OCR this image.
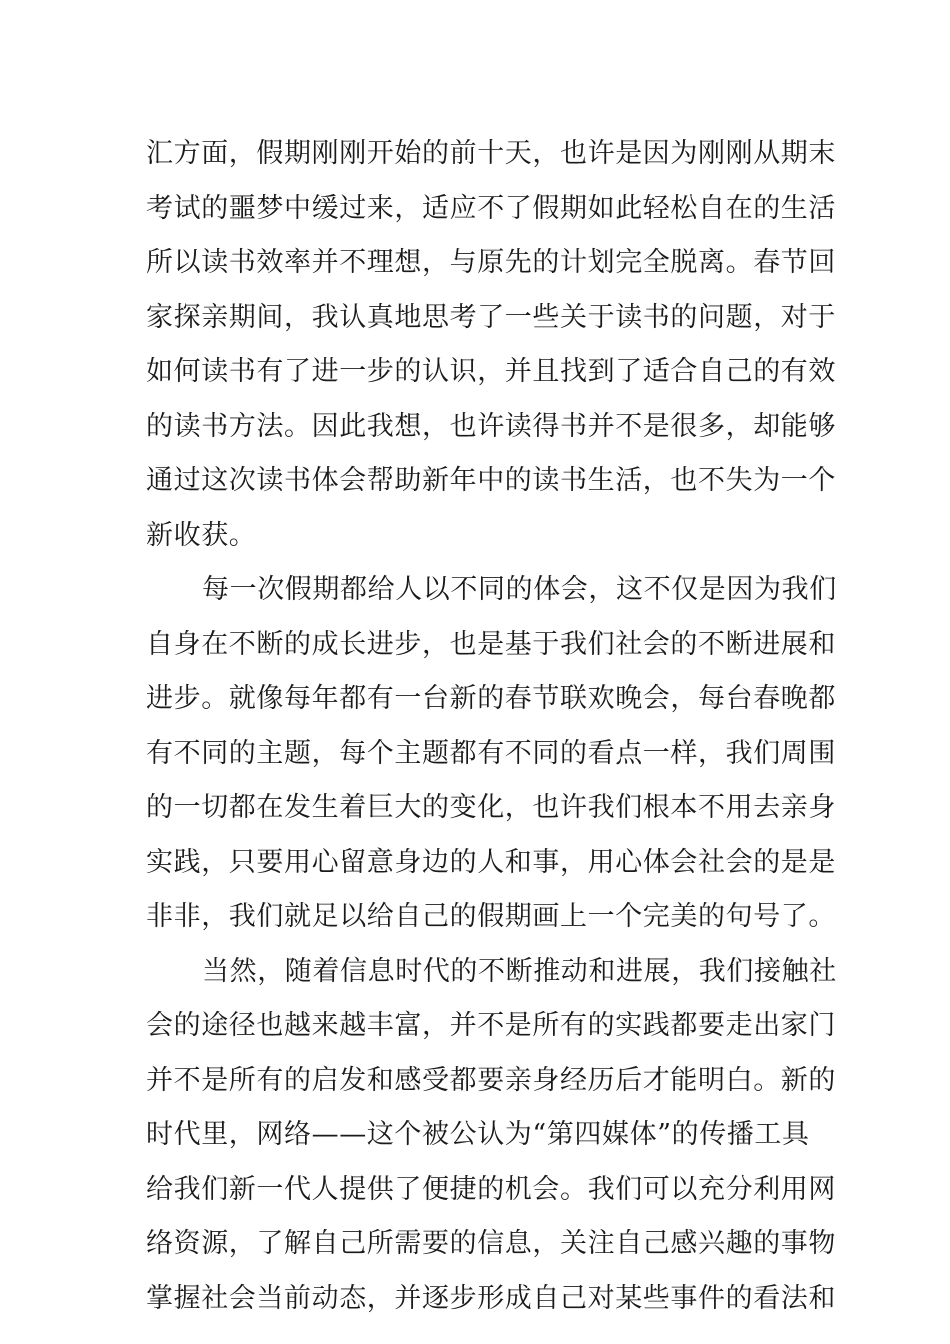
汇方面，假期刚刚开始的前十天，也许是因为刚刚从期末
考试的噩梦中缓过来，适应不了假期如此轻松自在的生活
所以读书效率并不理想，与原先的计划完全脱离。春节回
家探亲期间，我认真地思考了一些关于读书的问题，对于
如何读书有了进一步的认识，并且找到了适合自己的有效
的读书方法。因此我想，也许读得书并不是很多，却能够
通过这次读书体会帮助新年中的读书生活，也不失为一个
新收获。
每一次假期都给人以不同的体会，这不仅是因为我们
自身在不断的成长进步，也是基于我们社会的不断进展和
进步。就像每年都有一台新的春节联欢晚会，每台春晚都
有不同的主题，每个主题都有不同的看点一样，我们周围
的一切都在发生着巨大的变化，也许我们根本不用去亲身
实践，只要用心留意身边的人和事，用心体会社会的是是
非非，我们就足以给自己的假期画上一个完美的句号了。
当然，随着信息时代的不断推动和进展，我们接触社
会的途径也越来越丰富，并不是所有的实践都要走出家门
并不是所有的启发和感受都要亲身经历后才能明白。新的
时代里，网络——这个被公认为“第四媒体”的传播工具
给我们新一代人提供了便捷的机会。我们可以充分利用网
络资源，了解自己所需要的信息，关注自己感兴趣的事物
掌握社会当前动态，并逐步形成自己对某些事件的看法和
